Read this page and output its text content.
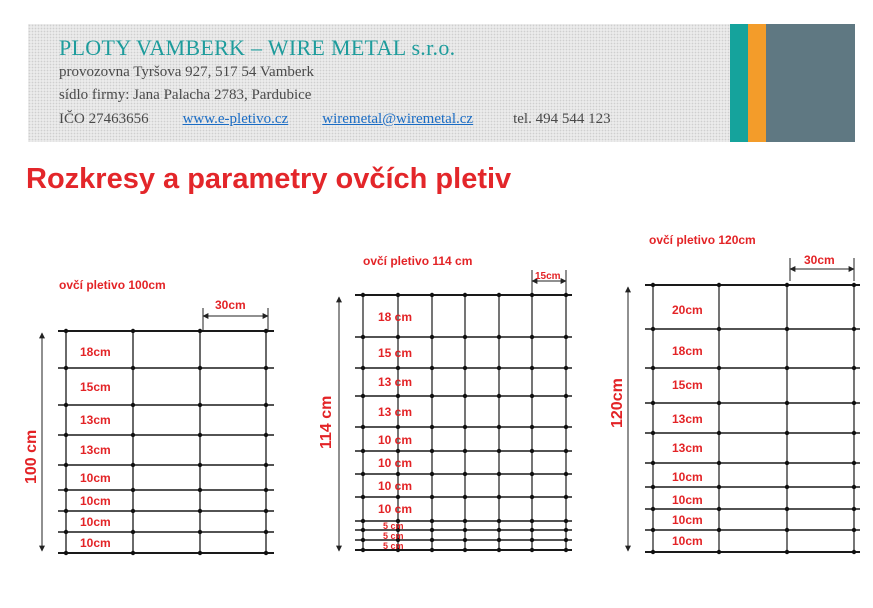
PLOTY VAMBERK – WIRE METAL s.r.o.

provozovna Tyršova 927, 517 54 Vamberk

sídlo firmy: Jana Palacha 2783, Pardubice

IČO 27463656 www.e-pletivo.cz wiremetal@wiremetal.cz	tel. 494 544 123

Rozkresy a parametry ovčích pletiv
ovčí pletivo 100cm
30cm
100 cm
18cm
15cm
13cm
13cm
10cm
10cm
10cm
10cm
ovčí pletivo 114 cm
15cm
114 cm
18 cm
15 cm
13 cm
13 cm
10 cm
10 cm
10 cm
10 cm
5 cm
5 cm
5 cm
ovčí pletivo 120cm
30cm
120cm
20cm
18cm
15cm
13cm
13cm
10cm
10cm
10cm
10cm
